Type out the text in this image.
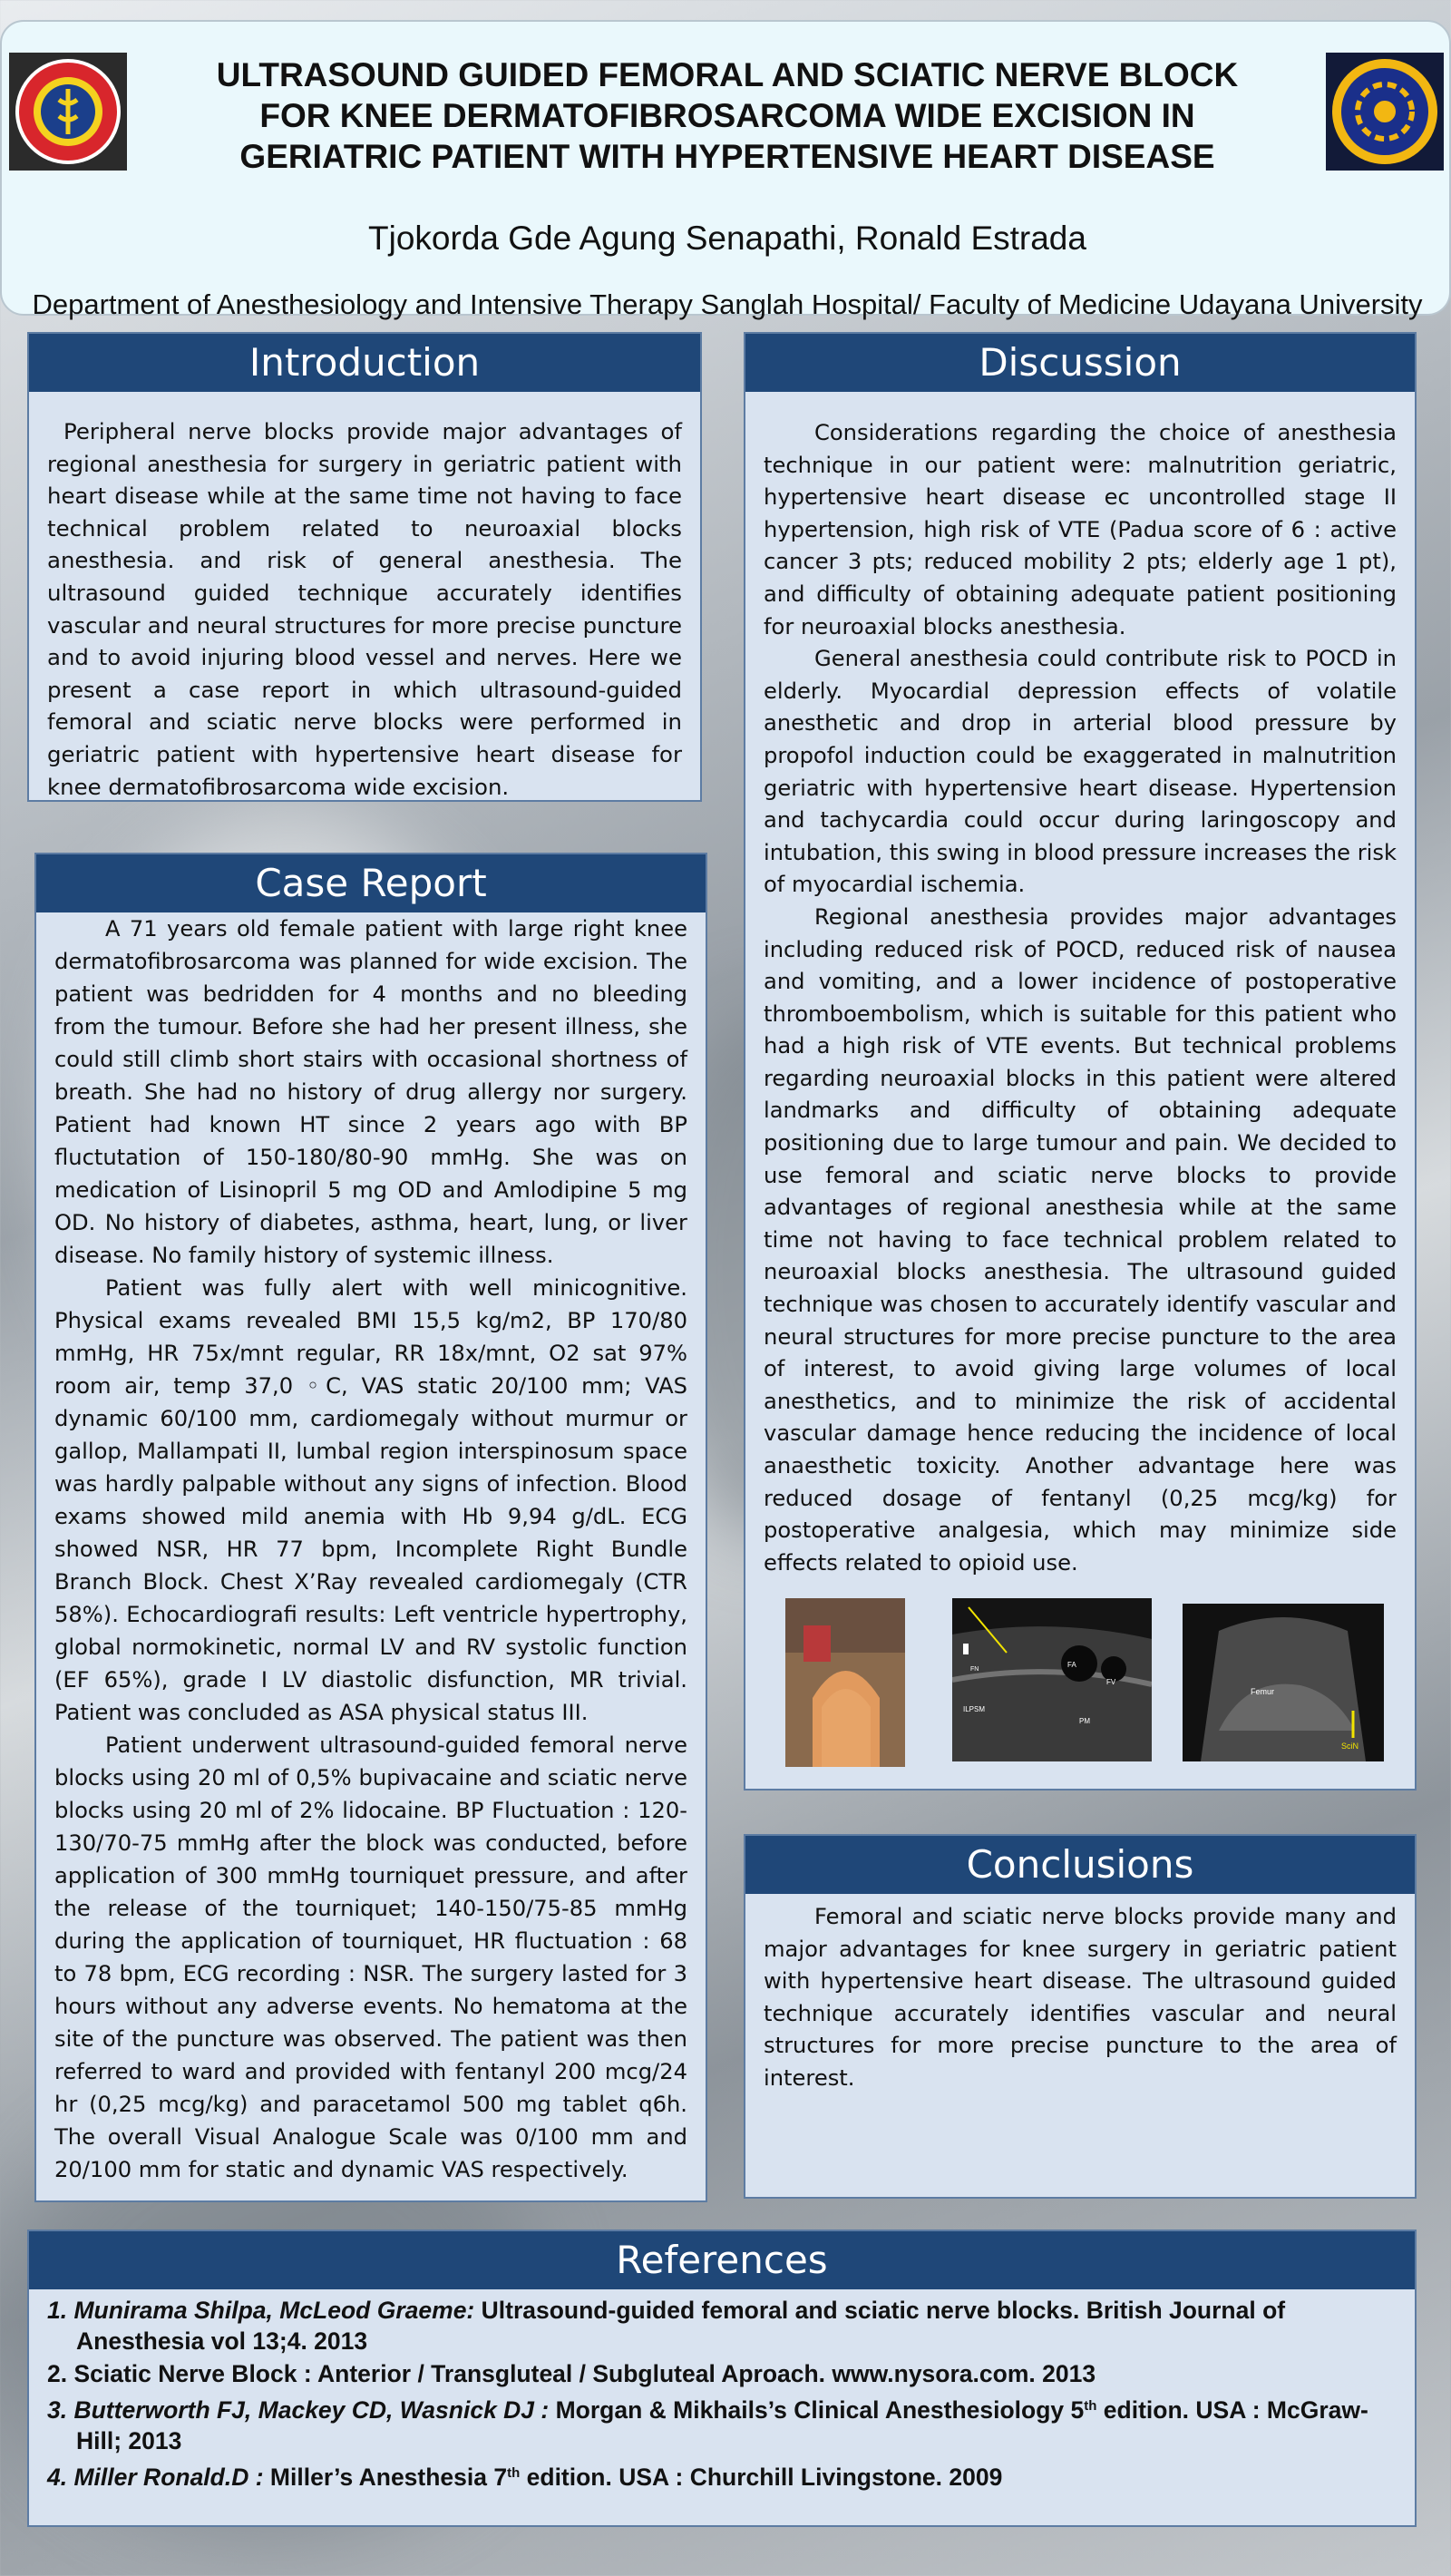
ULTRASOUND GUIDED FEMORAL AND SCIATIC NERVE BLOCK
FOR KNEE DERMATOFIBROSARCOMA WIDE EXCISION IN
GERIATRIC PATIENT WITH HYPERTENSIVE HEART DISEASE
Tjokorda Gde Agung Senapathi, Ronald Estrada
Department of Anesthesiology and Intensive Therapy Sanglah Hospital/ Faculty of Medicine Udayana University
Introduction

Peripheral nerve blocks provide major advantages of regional anesthesia for surgery in geriatric patient with heart disease while at the same time not having to face technical problem related to neuroaxial blocks anesthesia. and risk of general anesthesia. The ultrasound guided technique accurately identifies vascular and neural structures for more precise puncture and to avoid injuring blood vessel and nerves. Here we present a case report in which ultrasound-guided femoral and sciatic nerve blocks were performed in geriatric patient with hypertensive heart disease for knee dermatofibrosarcoma wide excision.

Case Report

A 71 years old female patient with large right knee dermatofibrosarcoma was planned for wide excision. The patient was bedridden for 4 months and no bleeding from the tumour. Before she had her present illness, she could still climb short stairs with occasional shortness of breath. She had no history of drug allergy nor surgery. Patient had known HT since 2 years ago with BP fluctutation of 150-180/80-90 mmHg. She was on medication of Lisinopril 5 mg OD and Amlodipine 5 mg OD. No history of diabetes, asthma, heart, lung, or liver disease. No family history of systemic illness.

Patient was fully alert with well minicognitive. Physical exams revealed BMI 15,5 kg/m2, BP 170/80 mmHg, HR 75x/mnt regular, RR 18x/mnt, O2 sat 97% room air, temp 37,0 ◦C, VAS static 20/100 mm; VAS dynamic 60/100 mm, cardiomegaly without murmur or gallop, Mallampati II, lumbal region interspinosum space was hardly palpable without any signs of infection. Blood exams showed mild anemia with Hb 9,94 g/dL. ECG showed NSR, HR 77 bpm, Incomplete Right Bundle Branch Block. Chest X’Ray revealed cardiomegaly (CTR 58%). Echocardiografi results: Left ventricle hypertrophy, global normokinetic, normal LV and RV systolic function (EF 65%), grade I LV diastolic disfunction, MR trivial. Patient was concluded as ASA physical status III.

Patient underwent ultrasound-guided femoral nerve blocks using 20 ml of 0,5% bupivacaine and sciatic nerve blocks using 20 ml of 2% lidocaine. BP Fluctuation : 120-130/70-75 mmHg after the block was conducted, before application of 300 mmHg tourniquet pressure, and after the release of the tourniquet; 140-150/75-85 mmHg during the application of tourniquet, HR fluctuation : 68 to 78 bpm, ECG recording : NSR. The surgery lasted for 3 hours without any adverse events. No hematoma at the site of the puncture was observed. The patient was then referred to ward and provided with fentanyl 200 mcg/24 hr (0,25 mcg/kg) and paracetamol 500 mg tablet q6h. The overall Visual Analogue Scale was 0/100 mm and 20/100 mm for static and dynamic VAS respectively.

Discussion

Considerations regarding the choice of anesthesia technique in our patient were: malnutrition geriatric, hypertensive heart disease ec uncontrolled stage II hypertension, high risk of VTE (Padua score of 6 : active cancer 3 pts; reduced mobility 2 pts; elderly age 1 pt), and difficulty of obtaining adequate patient positioning for neuroaxial blocks anesthesia.

General anesthesia could contribute risk to POCD in elderly. Myocardial depression effects of volatile anesthetic and drop in arterial blood pressure by propofol induction could be exaggerated in malnutrition geriatric with hypertensive heart disease. Hypertension and tachycardia could occur during laringoscopy and intubation, this swing in blood pressure increases the risk of myocardial ischemia.

Regional anesthesia provides major advantages including reduced risk of POCD, reduced risk of nausea and vomiting, and a lower incidence of postoperative thromboembolism, which is suitable for this patient who had a high risk of VTE events. But technical problems regarding neuroaxial blocks in this patient were altered landmarks and difficulty of obtaining adequate positioning due to large tumour and pain. We decided to use femoral and sciatic nerve blocks to provide advantages of regional anesthesia while at the same time not having to face technical problem related to neuroaxial blocks anesthesia. The ultrasound guided technique was chosen to accurately identify vascular and neural structures for more precise puncture to the area of interest, to avoid giving large volumes of local anesthetics, and to minimize the risk of accidental vascular damage hence reducing the incidence of local anaesthetic toxicity. Another advantage here was reduced dosage of fentanyl (0,25 mcg/kg) for postoperative analgesia, which may minimize side effects related to opioid use.

FA
FV
ILPSM
PM
FN
Femur
SciN
Conclusions

Femoral and sciatic nerve blocks provide many and major advantages for knee surgery in geriatric patient with hypertensive heart disease. The ultrasound guided technique accurately identifies vascular and neural structures for more precise puncture to the area of interest.

References
1. Munirama Shilpa, McLeod Graeme: Ultrasound-guided femoral and sciatic nerve blocks. British Journal of Anesthesia vol 13;4. 2013
2. Sciatic Nerve Block : Anterior / Transgluteal / Subgluteal Aproach. www.nysora.com. 2013
3. Butterworth FJ, Mackey CD, Wasnick DJ : Morgan & Mikhails’s Clinical Anesthesiology 5th edition. USA : McGraw-Hill; 2013
4. Miller Ronald.D : Miller’s Anesthesia 7th edition. USA : Churchill Livingstone. 2009
